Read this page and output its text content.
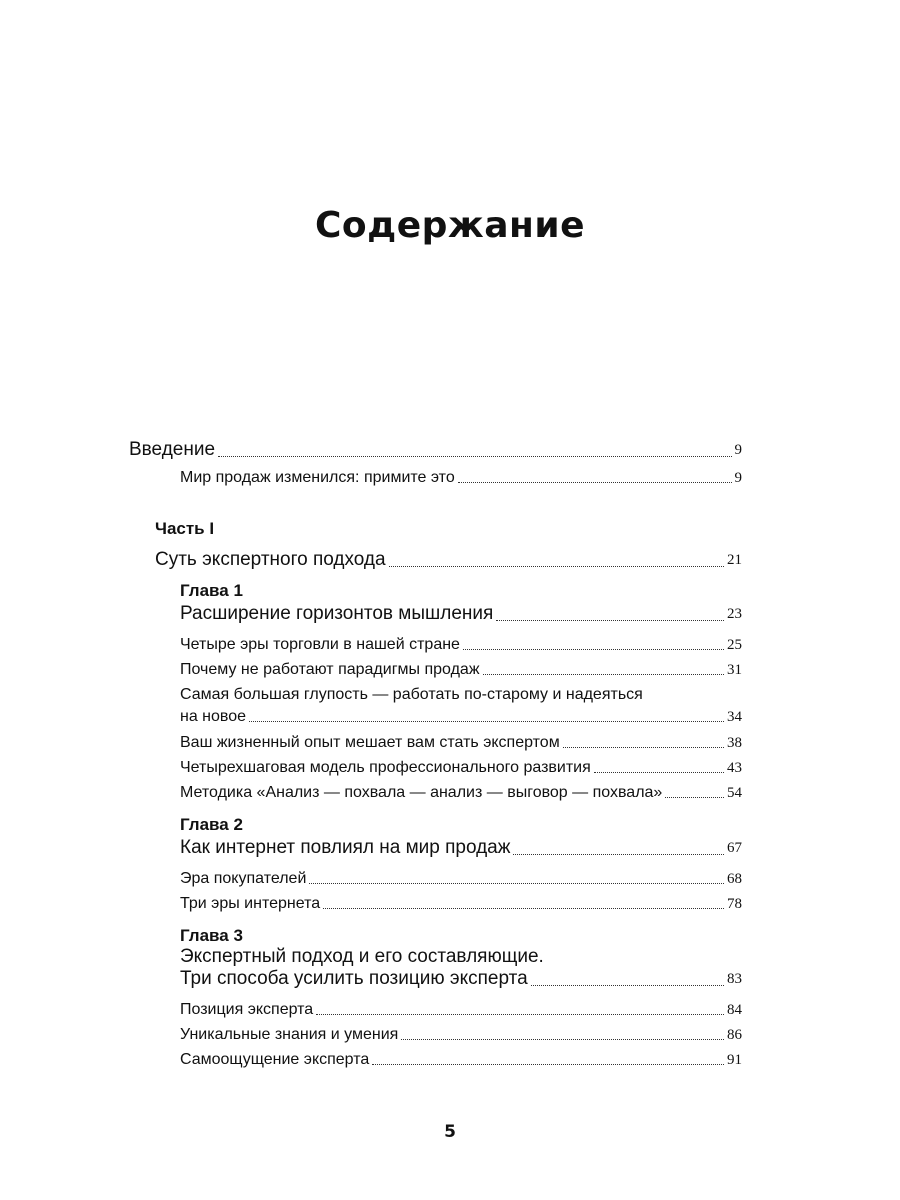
Содержание
Введение	9
Мир продаж изменился: примите это	9
Часть I
Суть экспертного подхода	21
Глава 1
Расширение горизонтов мышления	23
Четыре эры торговли в нашей стране	25
Почему не работают парадигмы продаж	31
Самая большая глупость — работать по-старому и надеяться
на новое	34
Ваш жизненный опыт мешает вам стать экспертом	38
Четырехшаговая модель профессионального развития	43
Методика «Анализ — похвала — анализ — выговор — похвала»	54
Глава 2
Как интернет повлиял на мир продаж	67
Эра покупателей	68
Три эры интернета	78
Глава 3
Экспертный подход и его составляющие.
Три способа усилить позицию эксперта	83
Позиция эксперта	84
Уникальные знания и умения	86
Самоощущение эксперта	91
5
